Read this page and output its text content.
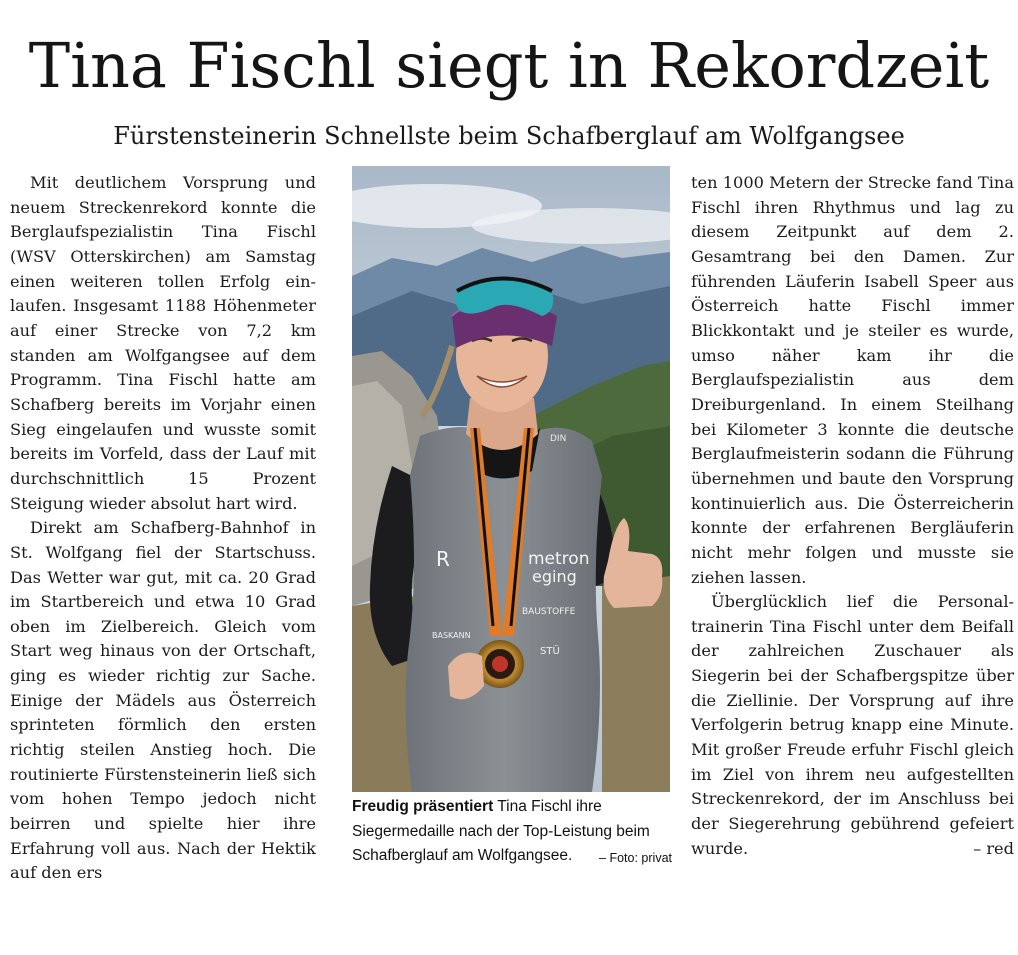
Tina Fischl siegt in Rekordzeit
Fürstensteinerin Schnellste beim Schafberglauf am Wolfgangsee

Mit deutlichem Vorsprung und neuem Streckenrekord konnte die Berglaufspezialistin Tina Fischl (WSV Otterskirchen) am Samstag einen weiteren tollen Erfolg einlaufen. Insgesamt 1188 Höhenmeter auf einer Strecke von 7,2 km standen am Wolfgangsee auf dem Programm. Tina Fischl hatte am Schafberg bereits im Vorjahr einen Sieg eingelaufen und wusste somit bereits im Vorfeld, dass der Lauf mit durchschnittlich 15 Prozent Steigung wieder absolut hart wird.

Direkt am Schafberg-Bahnhof in St. Wolfgang fiel der Startschuss. Das Wetter war gut, mit ca. 20 Grad im Startbereich und etwa 10 Grad oben im Zielbereich. Gleich vom Start weg hinaus von der Ortschaft, ging es wieder richtig zur Sache. Einige der Mädels aus Österreich sprinteten förmlich den ersten richtig steilen Anstieg hoch. Die routinierte Fürstensteinerin ließ sich vom hohen Tempo jedoch nicht beirren und spielte hier ihre Erfahrung voll aus. Nach der Hektik auf den ers

R	metron
eging
BASKANN
BAUSTOFFE
STÜ
DIN
Freudig präsentiert Tina Fischl ihre Siegermedaille nach der Top-Leistung beim Schafberglauf am Wolfgangsee. – Foto: privat

ten 1000 Metern der Strecke fand Tina Fischl ihren Rhythmus und lag zu diesem Zeitpunkt auf dem 2. Gesamtrang bei den Damen. Zur führenden Läuferin Isabell Speer aus Österreich hatte Fischl immer Blickkontakt und je steiler es wurde, umso näher kam ihr die Berglaufspezialistin aus dem Dreiburgenland. In einem Steilhang bei Kilometer 3 konnte die deutsche Berglaufmeisterin sodann die Führung übernehmen und baute den Vorsprung kontinuierlich aus. Die Österreicherin konnte der erfahrenen Bergläuferin nicht mehr folgen und musste sie ziehen lassen.

Überglücklich lief die Personaltrainerin Tina Fischl unter dem Beifall der zahlreichen Zuschauer als Siegerin bei der Schafbergspitze über die Ziellinie. Der Vorsprung auf ihre Verfolgerin betrug knapp eine Minute. Mit großer Freude erfuhr Fischl gleich im Ziel von ihrem neu aufgestellten Streckenrekord, der im Anschluss bei der Siegerehrung gebührend gefeiert wurde.	– red
